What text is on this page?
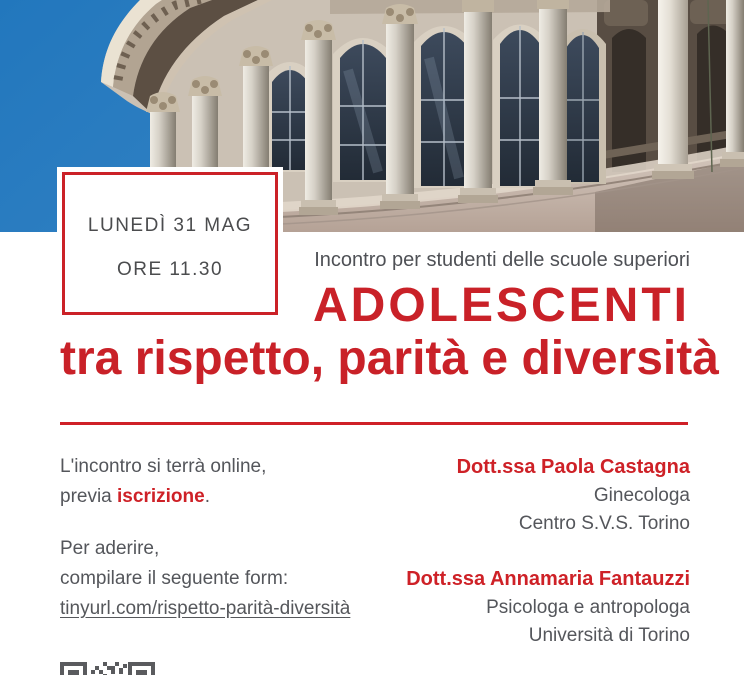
LUNEDÌ 31 MAG
ORE 11.30	Incontro per studenti delle scuole superiori

ADOLESCENTI
tra rispetto, parità e diversità
L'incontro si terrà online,
previa iscrizione.
Per aderire,
compilare il seguente form:
tinyurl.com/rispetto-parità-diversità
Dott.ssa Paola Castagna
Ginecologa
Centro S.V.S. Torino
Dott.ssa Annamaria Fantauzzi
Psicologa e antropologa
Università di Torino
